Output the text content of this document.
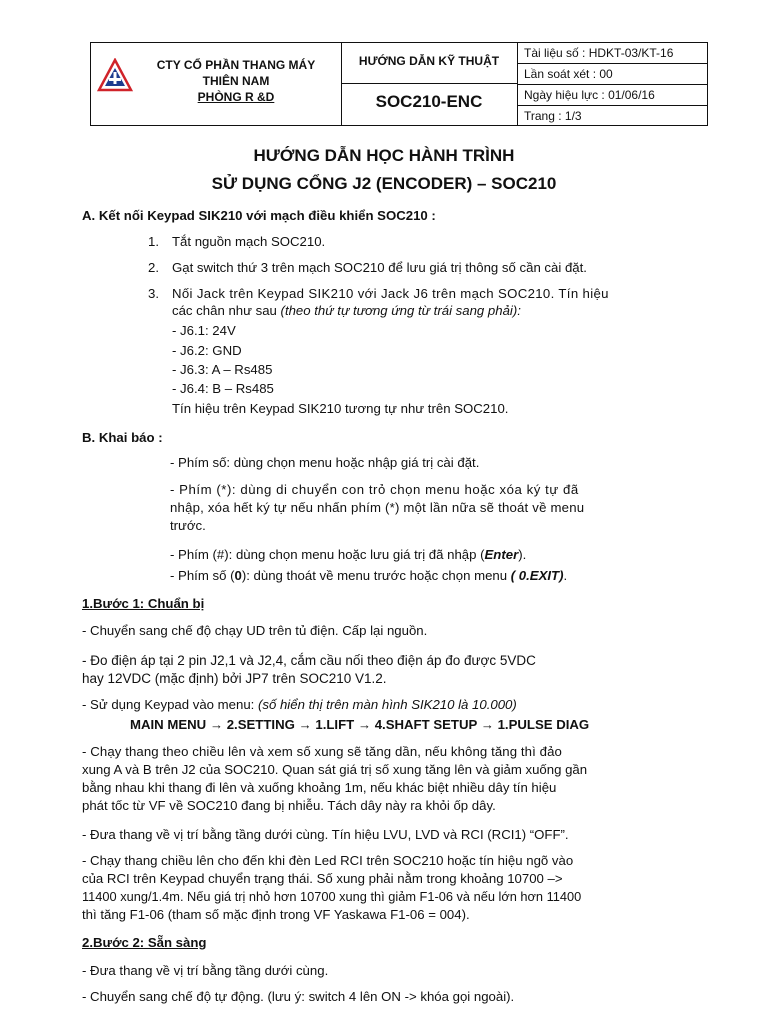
CTY CỔ PHẦN THANG MÁY
THIÊN NAM
PHÒNG R &D
HƯỚNG DẪN KỸ THUẬT
SOC210-ENC
Tài liệu số : HDKT-03/KT-16
Lần soát xét : 00
Ngày hiệu lực : 01/06/16
Trang : 1/3
HƯỚNG DẪN HỌC HÀNH TRÌNH
SỬ DỤNG CỔNG J2 (ENCODER) – SOC210
A. Kết nối Keypad SIK210 với mạch điều khiển SOC210 :
1. Tắt nguồn mạch SOC210.
2. Gạt switch thứ 3 trên mạch SOC210 để lưu giá trị thông số cần cài đặt.
3. Nối Jack trên Keypad SIK210 với Jack J6 trên mạch SOC210. Tín hiệu
các chân như sau (theo thứ tự tương ứng từ trái sang phải):
- J6.1: 24V
- J6.2: GND
- J6.3: A – Rs485
- J6.4: B – Rs485
Tín hiệu trên Keypad SIK210 tương tự như trên SOC210.
B. Khai báo :
- Phím số: dùng chọn menu hoặc nhập giá trị cài đặt.
- Phím (*): dùng di chuyển con trỏ chọn menu hoặc xóa ký tự đã
nhập, xóa hết ký tự nếu nhấn phím (*) một lần nữa sẽ thoát về menu
trước.
- Phím (#): dùng chọn menu hoặc lưu giá trị đã nhập (Enter).
- Phím số (0): dùng thoát về menu trước hoặc chọn menu ( 0.EXIT).
1.Bước 1: Chuẩn bị
- Chuyển sang chế độ chạy UD trên tủ điện. Cấp lại nguồn.
- Đo điện áp tại 2 pin J2,1 và J2,4, cắm cầu nối theo điện áp đo được 5VDC
hay 12VDC (mặc định) bởi JP7 trên SOC210 V1.2.
- Sử dụng Keypad vào menu: (số hiển thị trên màn hình SIK210 là 10.000)
MAIN MENU → 2.SETTING → 1.LIFT → 4.SHAFT SETUP → 1.PULSE DIAG
- Chạy thang theo chiều lên và xem số xung sẽ tăng dần, nếu không tăng thì đảo
xung A và B trên J2 của SOC210. Quan sát giá trị số xung tăng lên và giảm xuống gần
bằng nhau khi thang đi lên và xuống khoảng 1m, nếu khác biệt nhiều dây tín hiệu
phát tốc từ VF về SOC210 đang bị nhiễu. Tách dây này ra khỏi ốp dây.
- Đưa thang về vị trí bằng tầng dưới cùng. Tín hiệu LVU, LVD và RCI (RCI1) “OFF”.
- Chạy thang chiều lên cho đến khi đèn Led RCI trên SOC210 hoặc tín hiệu ngõ vào
của RCI trên Keypad chuyển trạng thái. Số xung phải nằm trong khoảng 10700 –>
11400 xung/1.4m. Nếu giá trị nhỏ hơn 10700 xung thì giảm F1-06 và nếu lớn hơn 11400
thì tăng F1-06 (tham số mặc định trong VF Yaskawa F1-06 = 004).
2.Bước 2: Sẵn sàng
- Đưa thang về vị trí bằng tầng dưới cùng.
- Chuyển sang chế độ tự động. (lưu ý: switch 4 lên ON -> khóa gọi ngoài).
